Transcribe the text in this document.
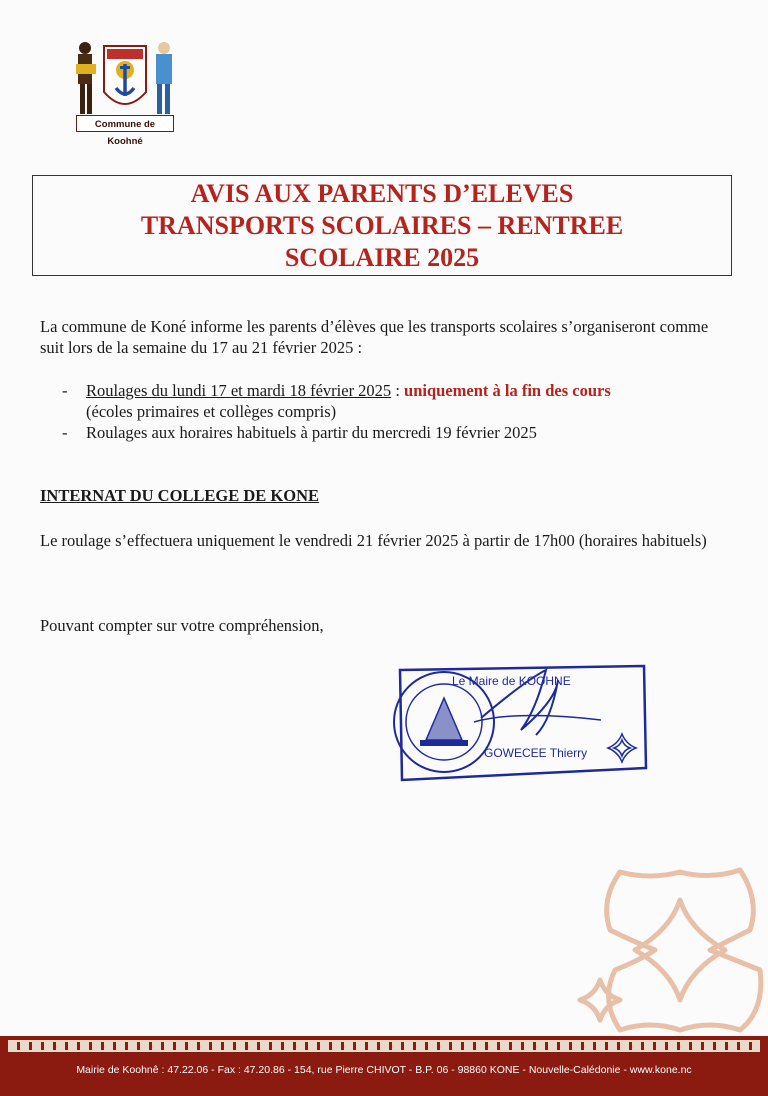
Commune de Koohné
AVIS AUX PARENTS D’ELEVES
TRANSPORTS SCOLAIRES – RENTREE
SCOLAIRE 2025

La commune de Koné informe les parents d’élèves que les transports scolaires s’organiseront comme suit lors de la semaine du 17 au 21 février 2025 :

- Roulages du lundi 17 et mardi 18 février 2025 : uniquement à la fin des cours
(écoles primaires et collèges compris)
- Roulages aux horaires habituels à partir du mercredi 19 février 2025

INTERNAT DU COLLEGE DE KONE

Le roulage s’effectuera uniquement le vendredi 21 février 2025 à partir de 17h00 (horaires habituels)

Pouvant compter sur votre compréhension,

Le Maire de KOOHNE
GOWECEE Thierry
Mairie de Koohnê : 47.22.06 - Fax : 47.20.86 - 154, rue Pierre CHIVOT - B.P. 06 - 98860 KONE - Nouvelle-Calédonie - www.kone.nc
